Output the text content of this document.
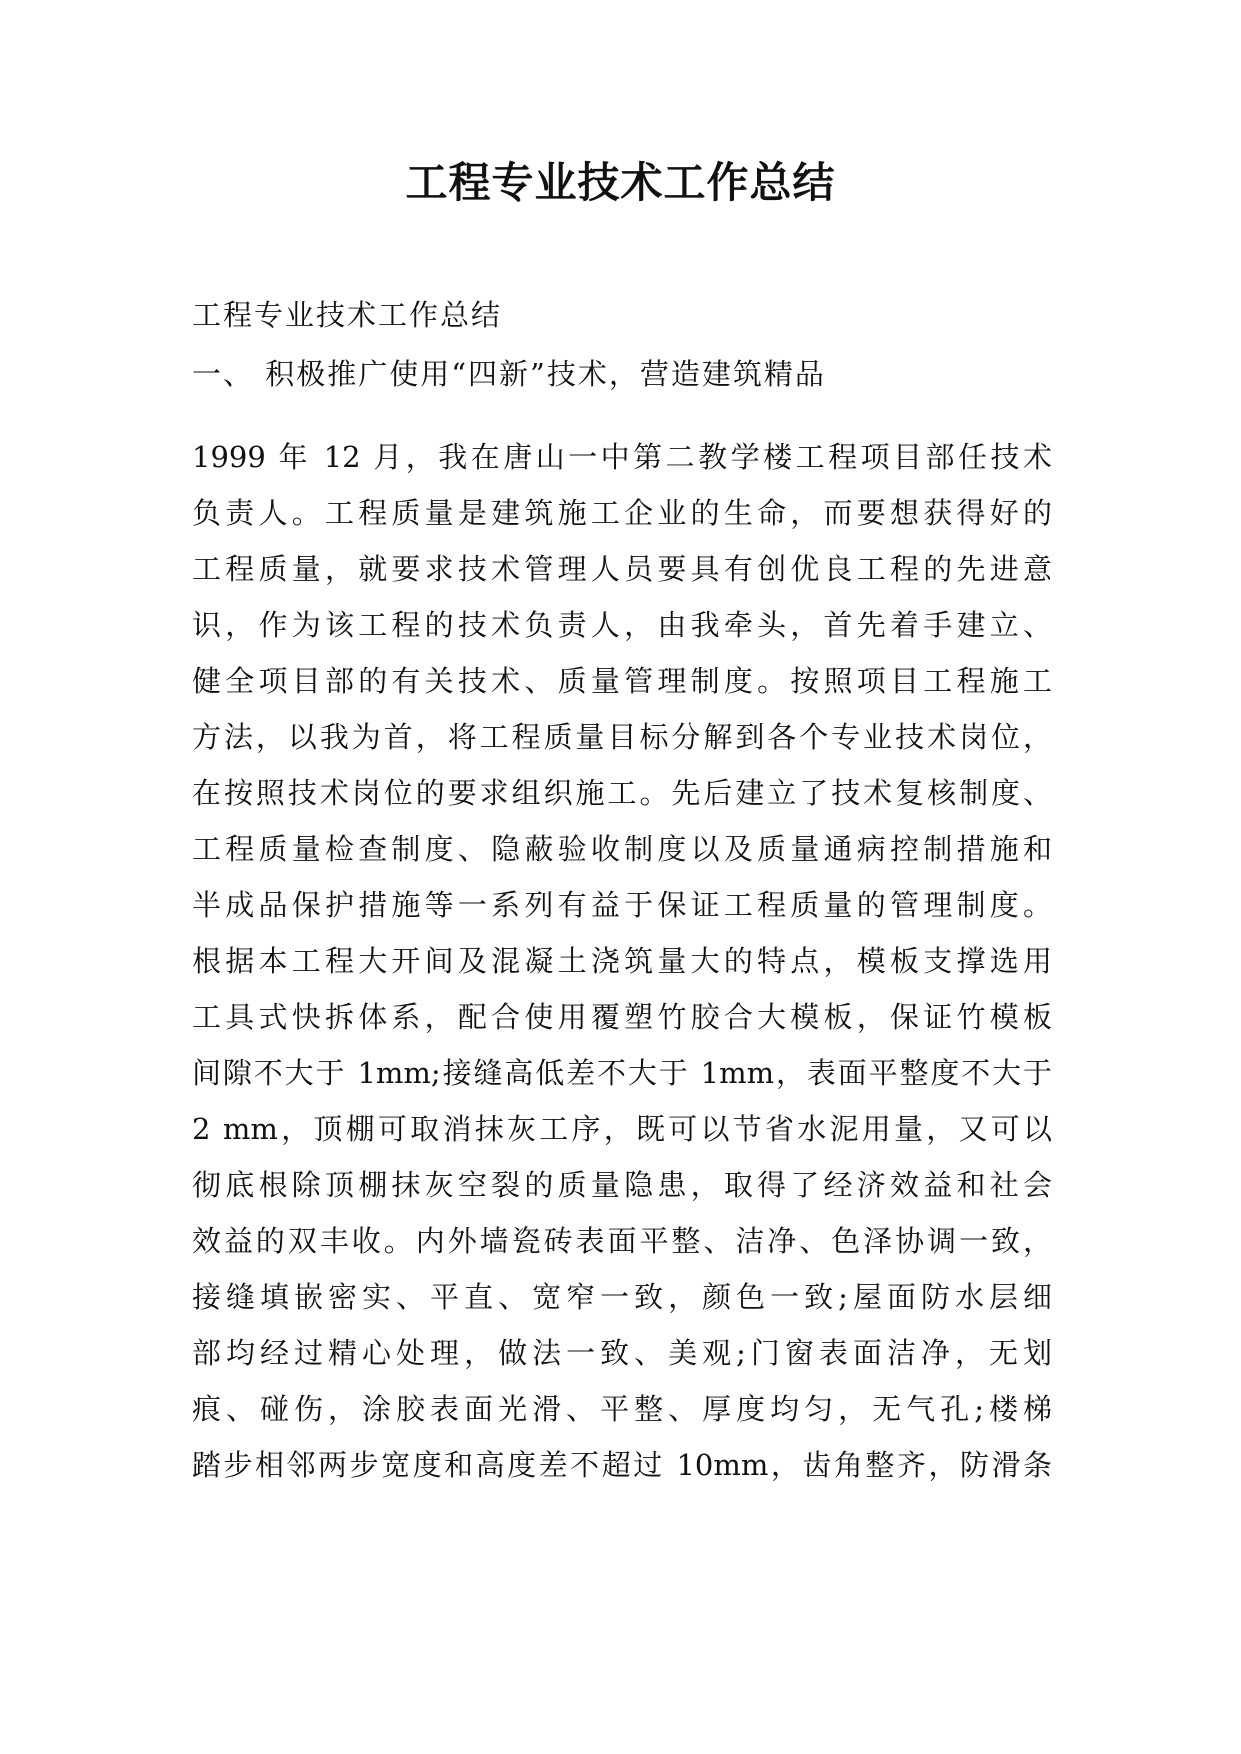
工程专业技术工作总结

工程专业技术工作总结

一、 积极推广使用“四新”技术，营造建筑精品

1999 年 12 月，我在唐山一中第二教学楼工程项目部任技术

负责人。工程质量是建筑施工企业的生命，而要想获得好的

工程质量，就要求技术管理人员要具有创优良工程的先进意

识，作为该工程的技术负责人，由我牵头，首先着手建立、

健全项目部的有关技术、质量管理制度。按照项目工程施工

方法，以我为首，将工程质量目标分解到各个专业技术岗位，

在按照技术岗位的要求组织施工。先后建立了技术复核制度、

工程质量检查制度、隐蔽验收制度以及质量通病控制措施和

半成品保护措施等一系列有益于保证工程质量的管理制度。

根据本工程大开间及混凝土浇筑量大的特点，模板支撑选用

工具式快拆体系，配合使用覆塑竹胶合大模板，保证竹模板

间隙不大于 1mm;接缝高低差不大于 1mm，表面平整度不大于

2 mm，顶棚可取消抹灰工序，既可以节省水泥用量，又可以

彻底根除顶棚抹灰空裂的质量隐患，取得了经济效益和社会

效益的双丰收。内外墙瓷砖表面平整、洁净、色泽协调一致，

接缝填嵌密实、平直、宽窄一致，颜色一致;屋面防水层细

部均经过精心处理，做法一致、美观;门窗表面洁净，无划

痕、碰伤，涂胶表面光滑、平整、厚度均匀，无气孔;楼梯

踏步相邻两步宽度和高度差不超过 10mm，齿角整齐，防滑条
